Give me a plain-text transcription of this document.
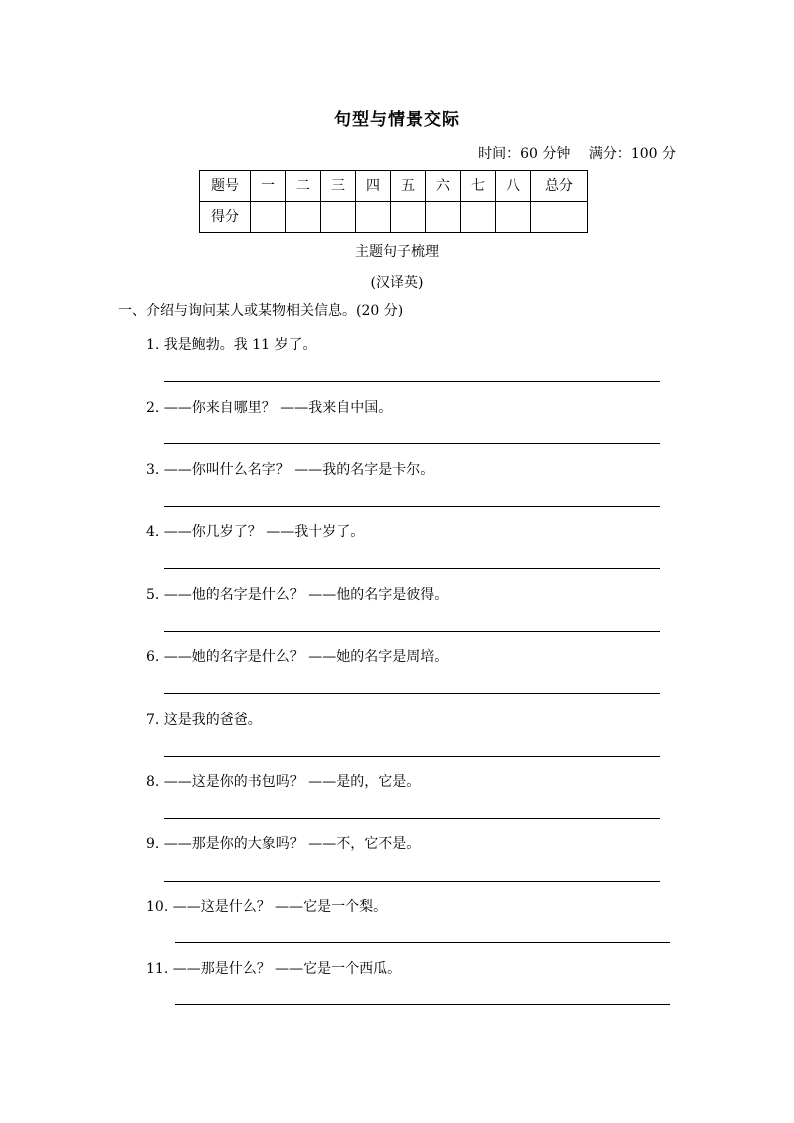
句型与情景交际
时间：60 分钟 满分：100 分
题号	一	二	三	四	五	六	七	八	总分
得分									
主题句子梳理
(汉译英)
一、介绍与询问某人或某物相关信息。(20 分)
1. 我是鲍勃。我 11 岁了。
2. ——你来自哪里？ ——我来自中国。
3. ——你叫什么名字？ ——我的名字是卡尔。
4. ——你几岁了？ ——我十岁了。
5. ——他的名字是什么？ ——他的名字是彼得。
6. ——她的名字是什么？ ——她的名字是周培。
7. 这是我的爸爸。
8. ——这是你的书包吗？ ——是的，它是。
9. ——那是你的大象吗？ ——不，它不是。
10. ——这是什么？ ——它是一个梨。
11. ——那是什么？ ——它是一个西瓜。
